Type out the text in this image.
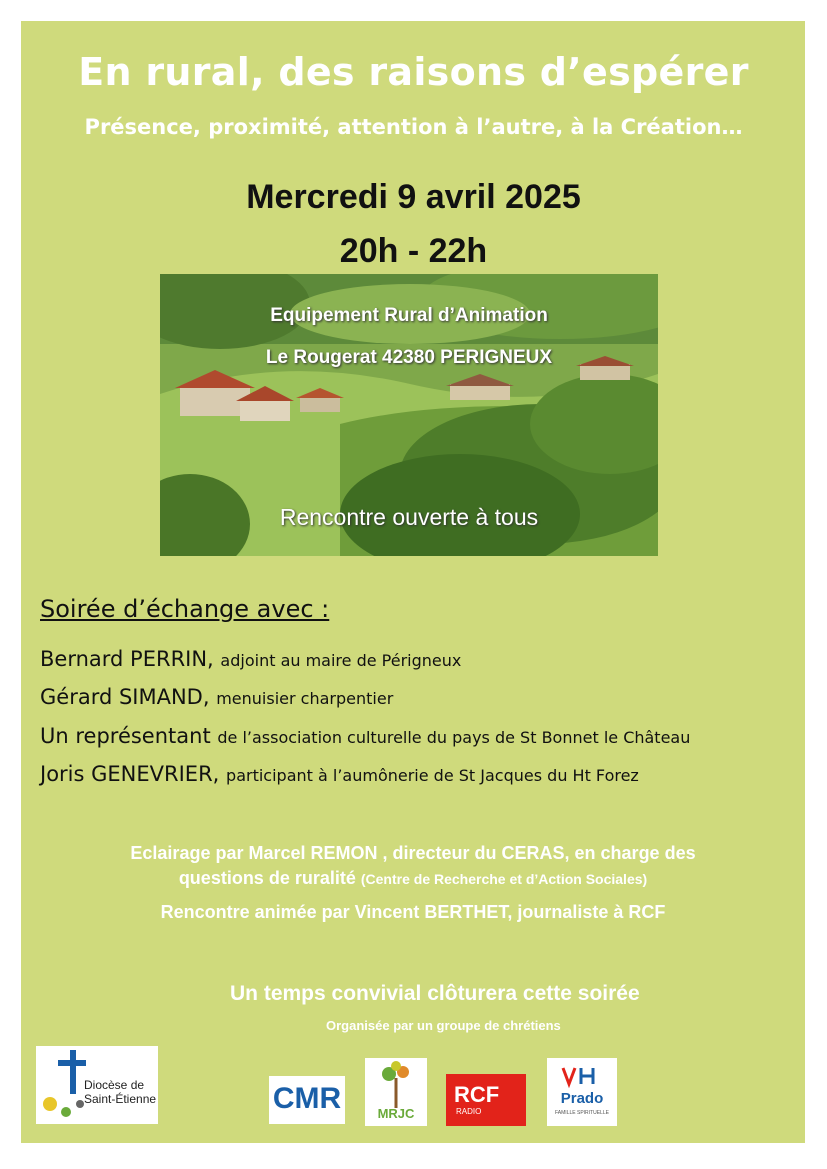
En rural, des raisons d’espérer
Présence, proximité, attention à l’autre, à la Création…
Mercredi 9 avril 2025
20h - 22h
Equipement Rural d’Animation
Le Rougerat 42380 PERIGNEUX
Rencontre ouverte à tous
Soirée d’échange avec :
Bernard PERRIN, adjoint au maire de Périgneux
Gérard SIMAND, menuisier charpentier
Un représentant de l’association culturelle du pays de St Bonnet le Château
Joris GENEVRIER, participant à l’aumônerie de St Jacques du Ht Forez
Eclairage par Marcel REMON , directeur du CERAS, en charge des
questions de ruralité (Centre de Recherche et d’Action Sociales)
Rencontre animée par Vincent BERTHET, journaliste à RCF
Un temps convivial clôturera cette soirée
Organisée par un groupe de chrétiens
Diocèse de
Saint-Étienne	CMR	MRJC
RCF
RADIO
Prado
FAMILLE SPIRITUELLE
